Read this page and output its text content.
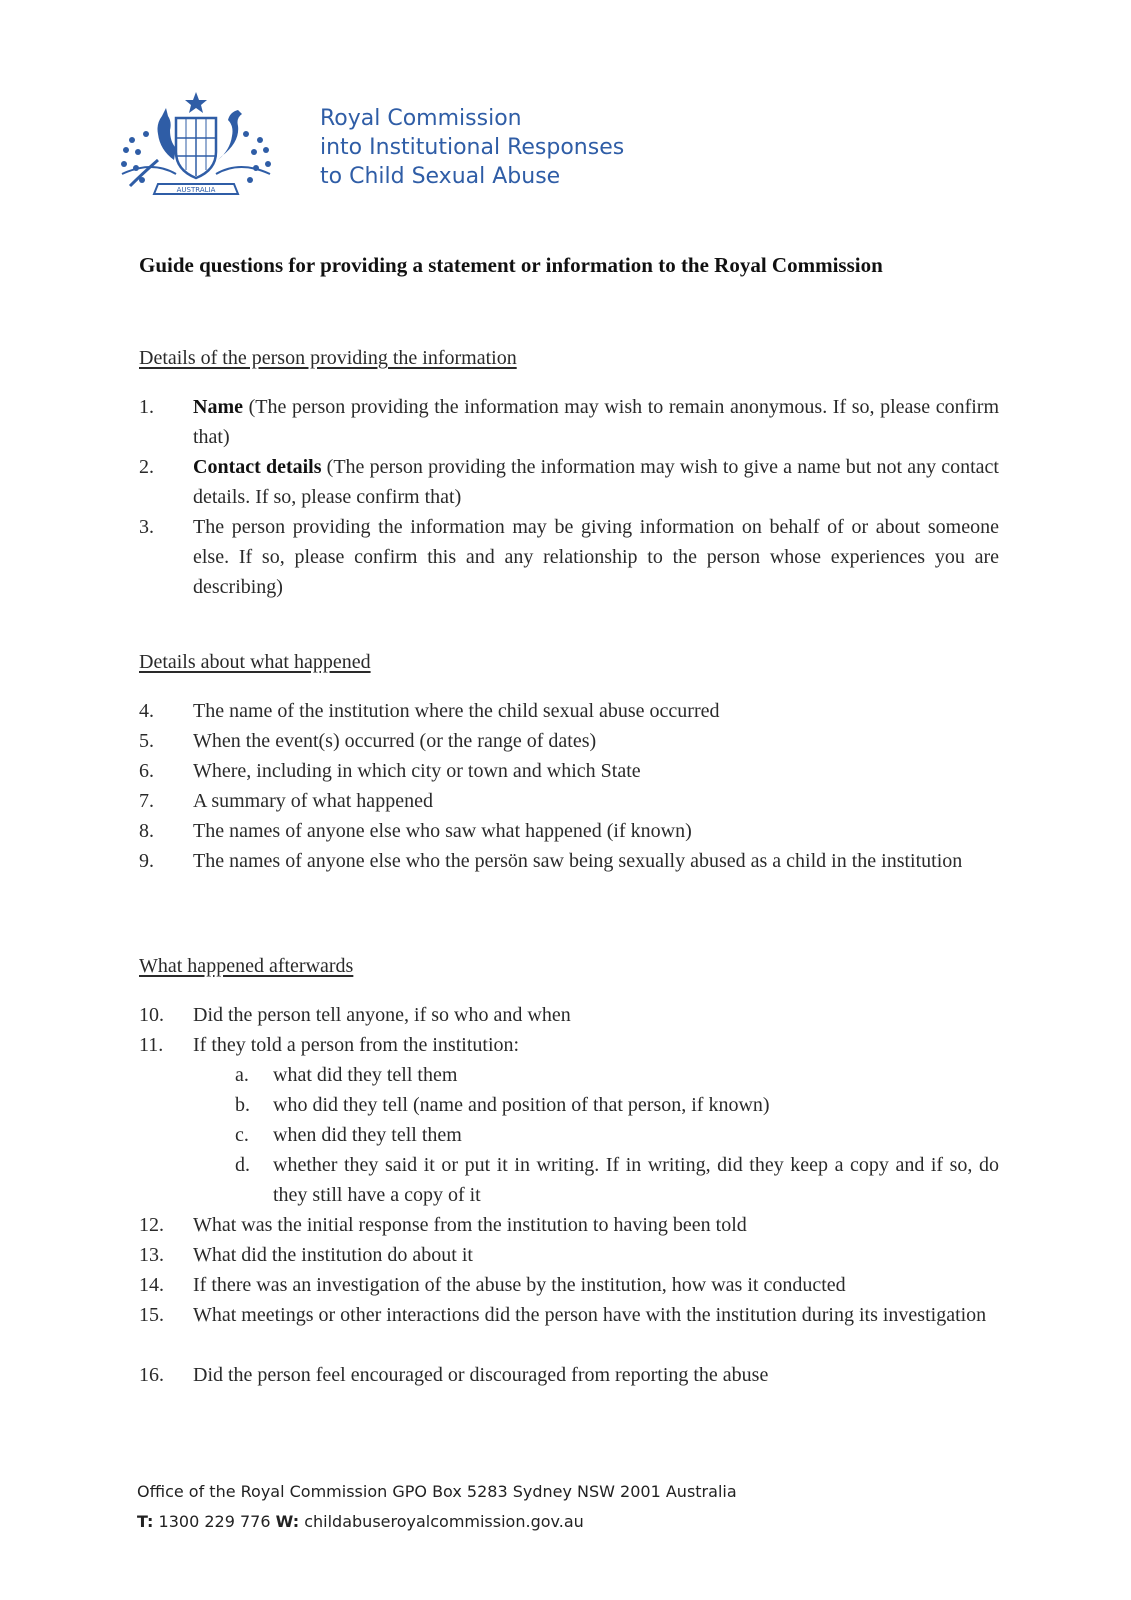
AUSTRALIA
Royal Commission
into Institutional Responses
to Child Sexual Abuse
Guide questions for providing a statement or information to the Royal Commission
Details of the person providing the information
1. Name (The person providing the information may wish to remain anonymous. If so, please confirm that)
2. Contact details (The person providing the information may wish to give a name but not any contact details. If so, please confirm that)
3. The person providing the information may be giving information on behalf of or about someone else. If so, please confirm this and any relationship to the person whose experiences you are describing)
Details about what happened
4. The name of the institution where the child sexual abuse occurred
5. When the event(s) occurred (or the range of dates)
6. Where, including in which city or town and which State
7. A summary of what happened
8. The names of anyone else who saw what happened (if known)
9. The names of anyone else who the persön saw being sexually abused as a child in the institution
What happened afterwards
10. Did the person tell anyone, if so who and when
11. If they told a person from the institution:
a. what did they tell them
b. who did they tell (name and position of that person, if known)
c. when did they tell them
d. whether they said it or put it in writing. If in writing, did they keep a copy and if so, do they still have a copy of it
12. What was the initial response from the institution to having been told
13. What did the institution do about it
14. If there was an investigation of the abuse by the institution, how was it conducted
15. What meetings or other interactions did the person have with the institution during its investigation
16. Did the person feel encouraged or discouraged from reporting the abuse
Office of the Royal Commission GPO Box 5283 Sydney NSW 2001 Australia
T: 1300 229 776 W: childabuseroyalcommission.gov.au
